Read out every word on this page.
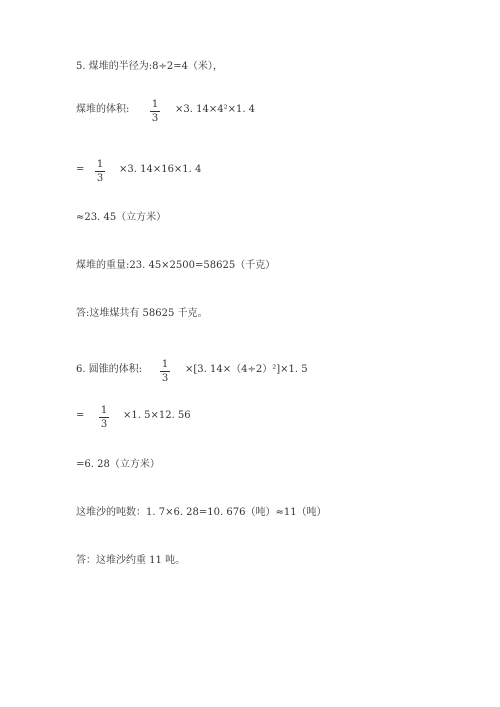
5. 煤堆的半径为:8÷2=4（米），
煤堆的体积: $\frac{1}{3} \times 3$. 14×4²×1. 4
= $\frac{1}{3} \times 3$. 14×16×1. 4
≈23. 45（立方米）
煤堆的重量:23. 45×2500=58625（千克）
答:这堆煤共有 58625 千克。
6. 圆锥的体积: $\frac{1}{3} \times[3$. 14×（4÷2）²]×1. 5
= $\frac{1}{3} \times 1$. 5×12. 56
=6. 28（立方米）
这堆沙的吨数：1. 7×6. 28=10. 676（吨）≈11（吨）
答：这堆沙约重 11 吨。
